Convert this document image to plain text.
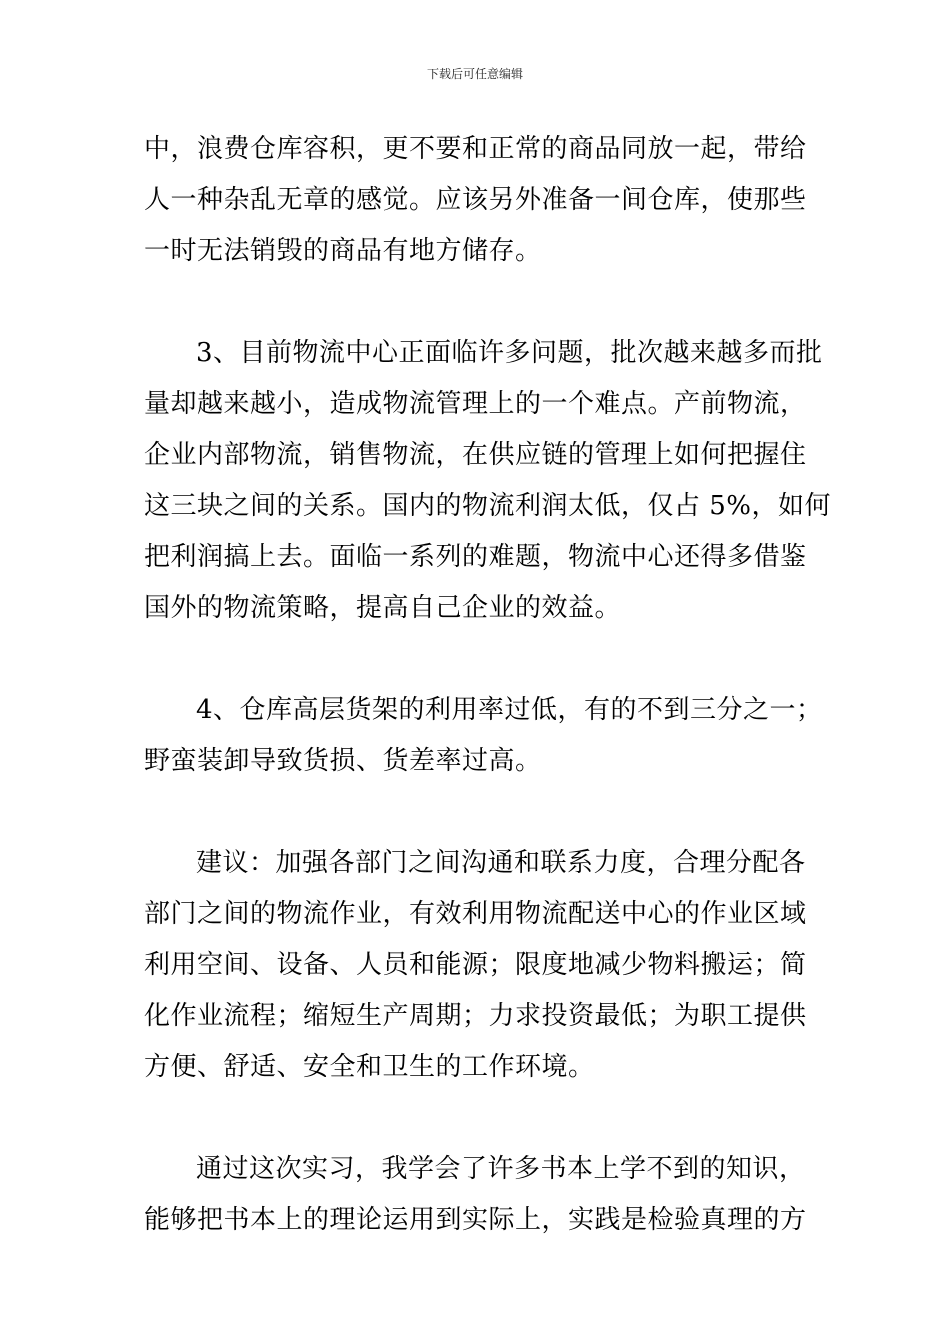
下载后可任意编辑
中，浪费仓库容积，更不要和正常的商品同放一起，带给
人一种杂乱无章的感觉。应该另外准备一间仓库，使那些
一时无法销毁的商品有地方储存。
3、目前物流中心正面临许多问题，批次越来越多而批
量却越来越小，造成物流管理上的一个难点。产前物流，
企业内部物流，销售物流，在供应链的管理上如何把握住
这三块之间的关系。国内的物流利润太低，仅占 5%，如何
把利润搞上去。面临一系列的难题，物流中心还得多借鉴
国外的物流策略，提高自己企业的效益。
4、仓库高层货架的利用率过低，有的不到三分之一；
野蛮装卸导致货损、货差率过高。
建议：加强各部门之间沟通和联系力度，合理分配各
部门之间的物流作业，有效利用物流配送中心的作业区域
利用空间、设备、人员和能源；限度地减少物料搬运；简
化作业流程；缩短生产周期；力求投资最低；为职工提供
方便、舒适、安全和卫生的工作环境。
通过这次实习，我学会了许多书本上学不到的知识，
能够把书本上的理论运用到实际上，实践是检验真理的方
